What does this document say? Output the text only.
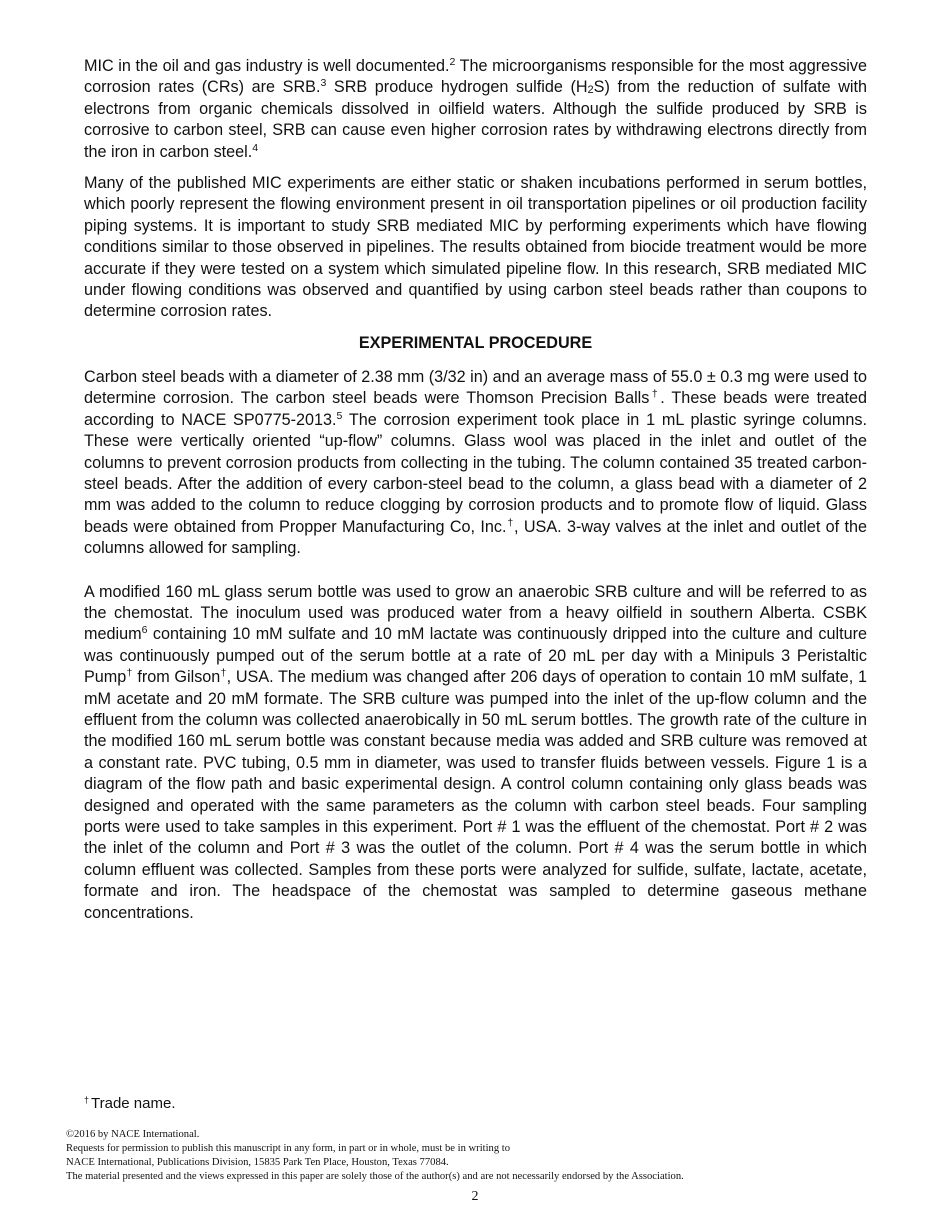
MIC in the oil and gas industry is well documented.$^2$ The microorganisms responsible for the most aggressive corrosion rates (CRs) are SRB.$^3$ SRB produce hydrogen sulfide $(H_2S)$ from the reduction of sulfate with electrons from organic chemicals dissolved in oilfield waters. Although the sulfide produced by SRB is corrosive to carbon steel, SRB can cause even higher corrosion rates by withdrawing electrons directly from the iron in carbon steel.$^4$

Many of the published MIC experiments are either static or shaken incubations performed in serum bottles, which poorly represent the flowing environment present in oil transportation pipelines or oil production facility piping systems. It is important to study SRB mediated MIC by performing experiments which have flowing conditions similar to those observed in pipelines. The results obtained from biocide treatment would be more accurate if they were tested on a system which simulated pipeline flow. In this research, SRB mediated MIC under flowing conditions was observed and quantified by using carbon steel beads rather than coupons to determine corrosion rates.

EXPERIMENTAL PROCEDURE

Carbon steel beads with a diameter of 2.38 mm (3/32 in) and an average mass of 55.0 ± 0.3 mg were used to determine corrosion. The carbon steel beads were Thomson Precision Balls†. These beads were treated according to NACE SP0775-2013.$^5$ The corrosion experiment took place in 1 mL plastic syringe columns. These were vertically oriented “up-flow” columns. Glass wool was placed in the inlet and outlet of the columns to prevent corrosion products from collecting in the tubing. The column contained 35 treated carbon-steel beads. After the addition of every carbon-steel bead to the column, a glass bead with a diameter of 2 mm was added to the column to reduce clogging by corrosion products and to promote flow of liquid. Glass beads were obtained from Propper Manufacturing Co, Inc.†, USA. 3-way valves at the inlet and outlet of the columns allowed for sampling.

A modified 160 mL glass serum bottle was used to grow an anaerobic SRB culture and will be referred to as the chemostat. The inoculum used was produced water from a heavy oilfield in southern Alberta. CSBK medium$^6$ containing 10 mM sulfate and 10 mM lactate was continuously dripped into the culture and culture was continuously pumped out of the serum bottle at a rate of 20 mL per day with a Minipuls 3 Peristaltic Pump† from Gilson†, USA. The medium was changed after 206 days of operation to contain 10 mM sulfate, 1 mM acetate and 20 mM formate. The SRB culture was pumped into the inlet of the up-flow column and the effluent from the column was collected anaerobically in 50 mL serum bottles. The growth rate of the culture in the modified 160 mL serum bottle was constant because media was added and SRB culture was removed at a constant rate. PVC tubing, 0.5 mm in diameter, was used to transfer fluids between vessels. Figure 1 is a diagram of the flow path and basic experimental design. A control column containing only glass beads was designed and operated with the same parameters as the column with carbon steel beads. Four sampling ports were used to take samples in this experiment. Port # 1 was the effluent of the chemostat. Port # 2 was the inlet of the column and Port # 3 was the outlet of the column. Port # 4 was the serum bottle in which column effluent was collected. Samples from these ports were analyzed for sulfide, sulfate, lactate, acetate, formate and iron. The headspace of the chemostat was sampled to determine gaseous methane concentrations.

† Trade name.
©2016 by NACE International.
Requests for permission to publish this manuscript in any form, in part or in whole, must be in writing to
NACE International, Publications Division, 15835 Park Ten Place, Houston, Texas 77084.
The material presented and the views expressed in this paper are solely those of the author(s) and are not necessarily endorsed by the Association.
2
